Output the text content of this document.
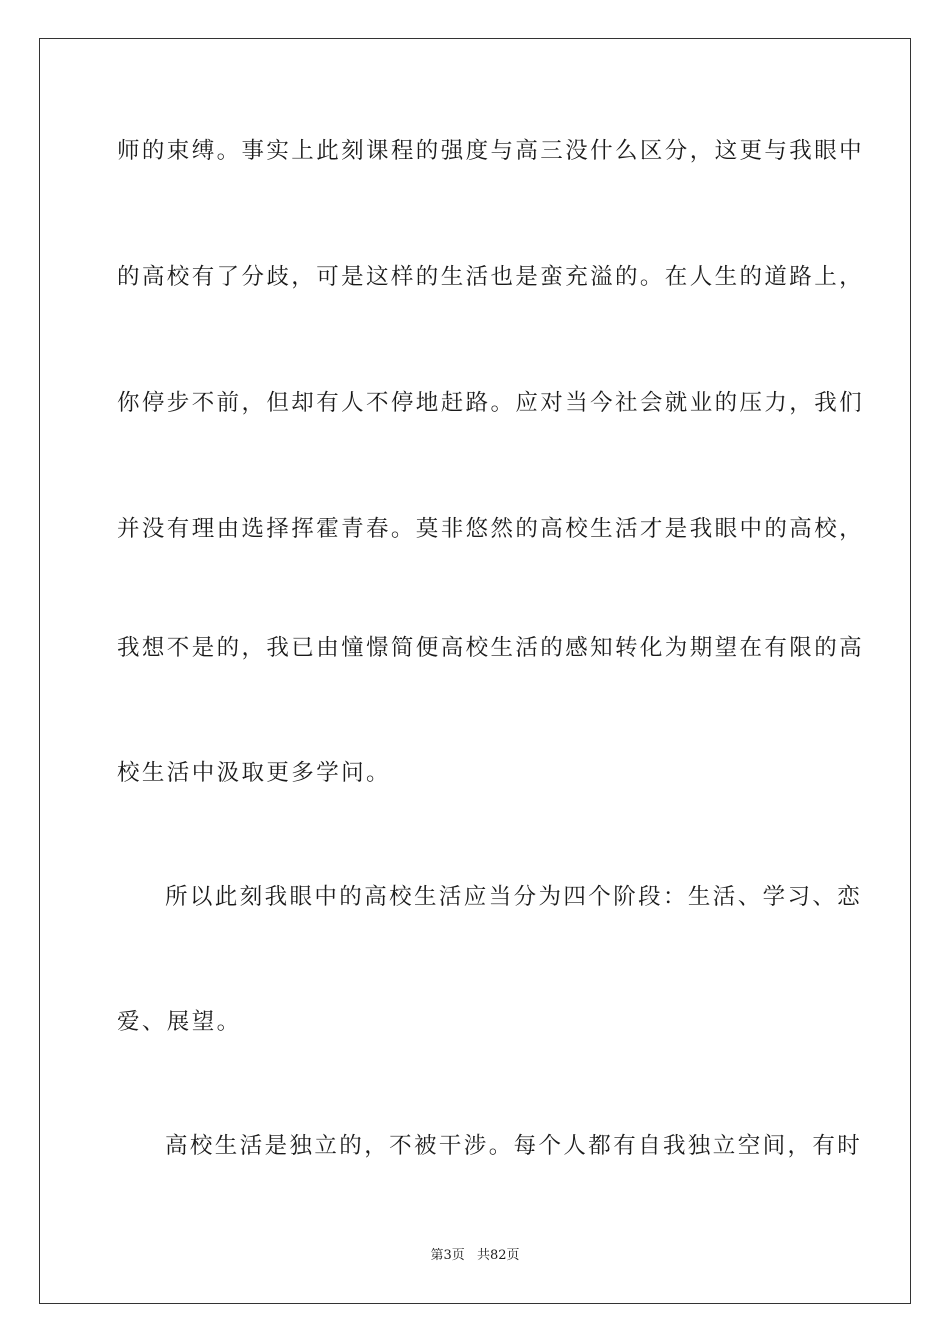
师的束缚。事实上此刻课程的强度与高三没什么区分，这更与我眼中
的高校有了分歧，可是这样的生活也是蛮充溢的。在人生的道路上，
你停步不前，但却有人不停地赶路。应对当今社会就业的压力，我们
并没有理由选择挥霍青春。莫非悠然的高校生活才是我眼中的高校，
我想不是的，我已由憧憬简便高校生活的感知转化为期望在有限的高
校生活中汲取更多学问。
所以此刻我眼中的高校生活应当分为四个阶段：生活、学习、恋
爱、展望。
高校生活是独立的，不被干涉。每个人都有自我独立空间，有时
第3页 共82页
